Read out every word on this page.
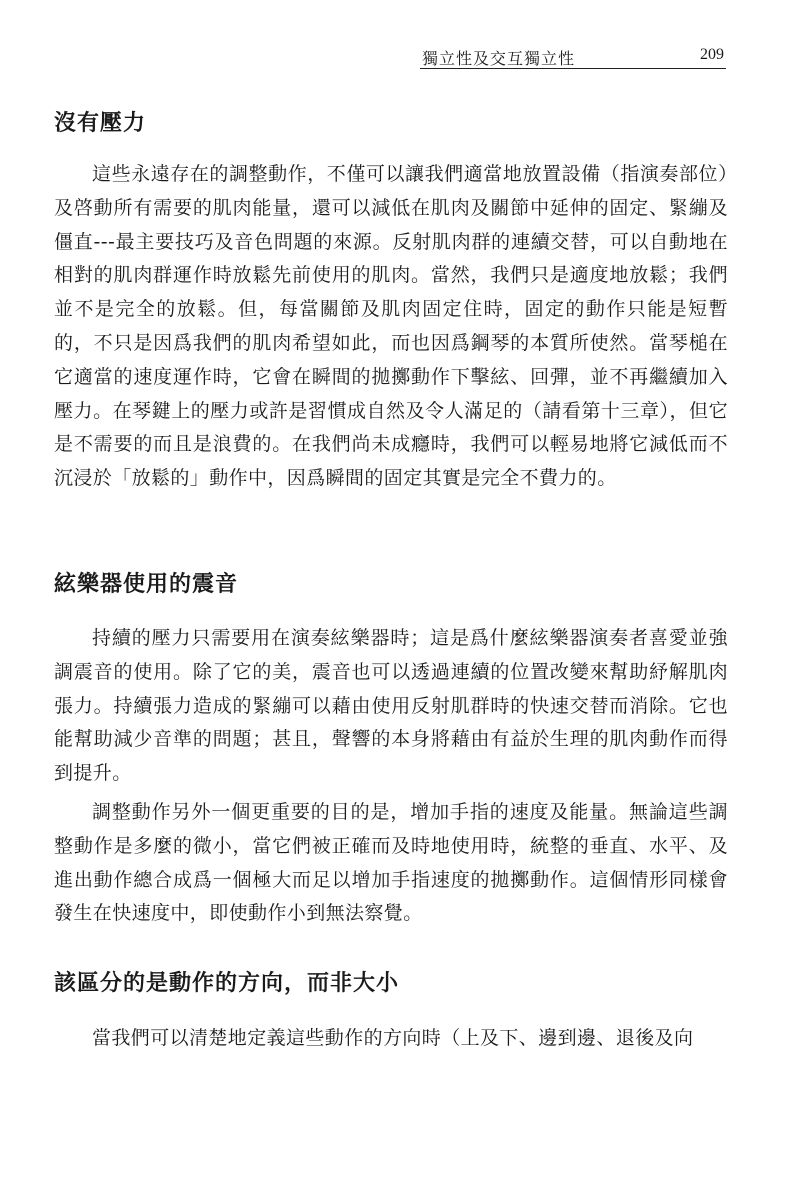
獨立性及交互獨立性	209
沒有壓力

這些永遠存在的調整動作，不僅可以讓我們適當地放置設備（指演奏部位）及啓動所有需要的肌肉能量，還可以減低在肌肉及關節中延伸的固定、緊繃及僵直---最主要技巧及音色問題的來源。反射肌肉群的連續交替，可以自動地在相對的肌肉群運作時放鬆先前使用的肌肉。當然，我們只是適度地放鬆；我們並不是完全的放鬆。但，每當關節及肌肉固定住時，固定的動作只能是短暫的，不只是因爲我們的肌肉希望如此，而也因爲鋼琴的本質所使然。當琴槌在它適當的速度運作時，它會在瞬間的拋擲動作下擊絃、回彈，並不再繼續加入壓力。在琴鍵上的壓力或許是習慣成自然及令人滿足的（請看第十三章），但它是不需要的而且是浪費的。在我們尚未成癮時，我們可以輕易地將它減低而不沉浸於「放鬆的」動作中，因爲瞬間的固定其實是完全不費力的。

絃樂器使用的震音

持續的壓力只需要用在演奏絃樂器時；這是爲什麼絃樂器演奏者喜愛並強調震音的使用。除了它的美，震音也可以透過連續的位置改變來幫助紓解肌肉張力。持續張力造成的緊繃可以藉由使用反射肌群時的快速交替而消除。它也能幫助減少音準的問題；甚且，聲響的本身將藉由有益於生理的肌肉動作而得到提升。

調整動作另外一個更重要的目的是，增加手指的速度及能量。無論這些調整動作是多麼的微小，當它們被正確而及時地使用時，統整的垂直、水平、及進出動作總合成爲一個極大而足以增加手指速度的拋擲動作。這個情形同樣會發生在快速度中，即使動作小到無法察覺。

該區分的是動作的方向，而非大小

當我們可以清楚地定義這些動作的方向時（上及下、邊到邊、退後及向
